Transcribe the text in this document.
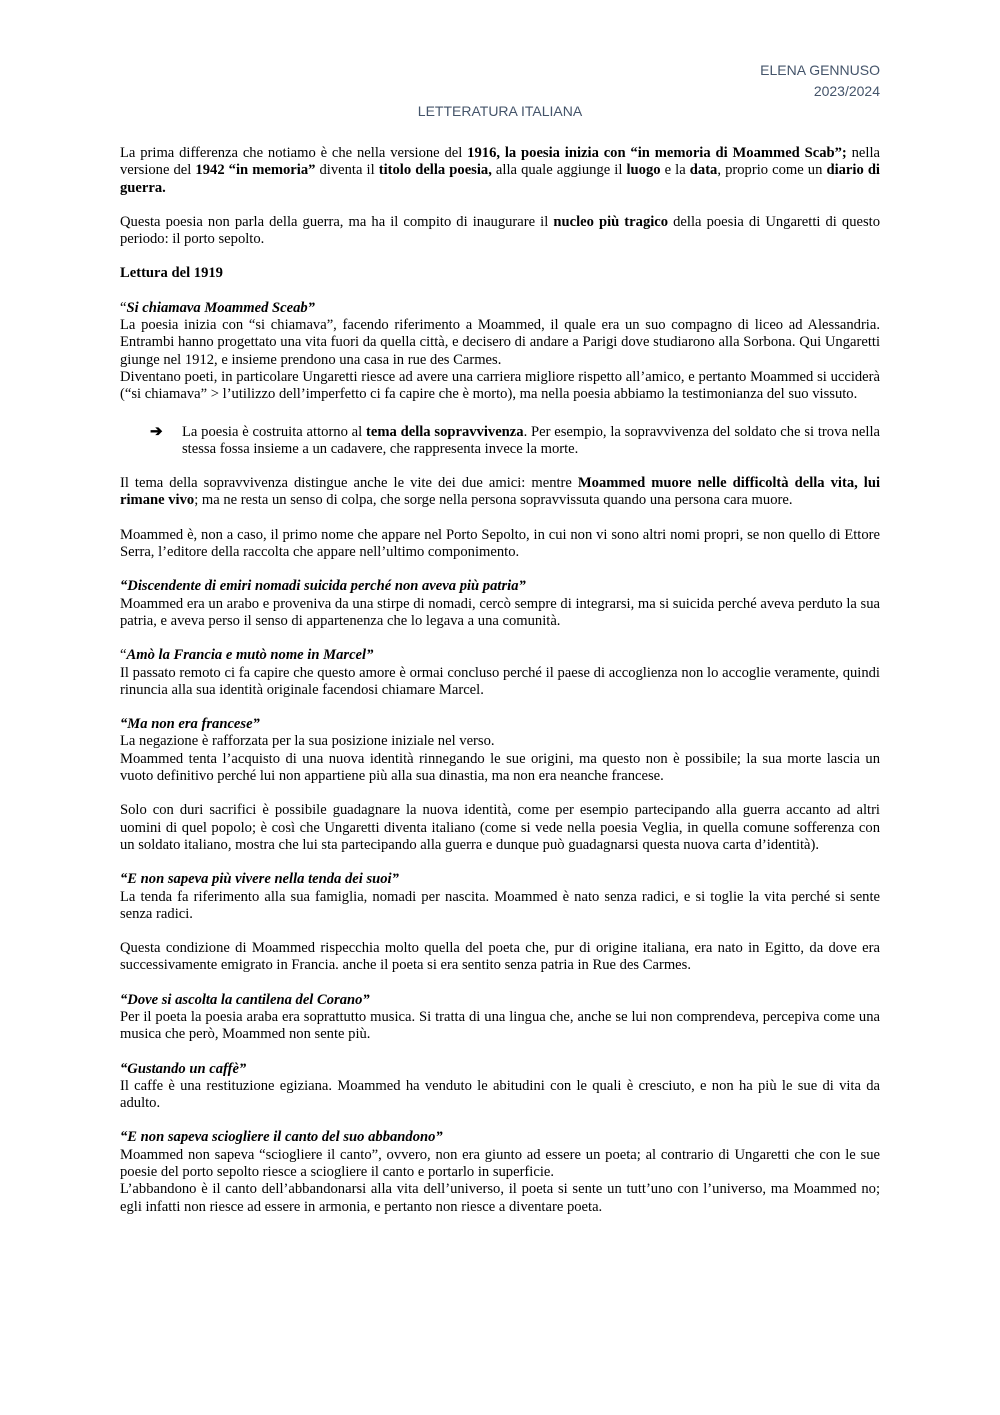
ELENA GENNUSO
2023/2024
LETTERATURA ITALIANA

La prima differenza che notiamo è che nella versione del 1916, la poesia inizia con “in memoria di Moammed Scab”; nella versione del 1942 “in memoria” diventa il titolo della poesia, alla quale aggiunge il luogo e la data, proprio come un diario di guerra.

Questa poesia non parla della guerra, ma ha il compito di inaugurare il nucleo più tragico della poesia di Ungaretti di questo periodo: il porto sepolto.

Lettura del 1919

“Si chiamava Moammed Sceab”

La poesia inizia con “si chiamava”, facendo riferimento a Moammed, il quale era un suo compagno di liceo ad Alessandria. Entrambi hanno progettato una vita fuori da quella città, e decisero di andare a Parigi dove studiarono alla Sorbona. Qui Ungaretti giunge nel 1912, e insieme prendono una casa in rue des Carmes.

Diventano poeti, in particolare Ungaretti riesce ad avere una carriera migliore rispetto all’amico, e pertanto Moammed si ucciderà (“si chiamava” > l’utilizzo dell’imperfetto ci fa capire che è morto), ma nella poesia abbiamo la testimonianza del suo vissuto.

➔	La poesia è costruita attorno al tema della sopravvivenza. Per esempio, la sopravvivenza del soldato che si trova nella stessa fossa insieme a un cadavere, che rappresenta invece la morte.

Il tema della sopravvivenza distingue anche le vite dei due amici: mentre Moammed muore nelle difficoltà della vita, lui rimane vivo; ma ne resta un senso di colpa, che sorge nella persona sopravvissuta quando una persona cara muore.

Moammed è, non a caso, il primo nome che appare nel Porto Sepolto, in cui non vi sono altri nomi propri, se non quello di Ettore Serra, l’editore della raccolta che appare nell’ultimo componimento.

“Discendente di emiri nomadi suicida perché non aveva più patria”

Moammed era un arabo e proveniva da una stirpe di nomadi, cercò sempre di integrarsi, ma si suicida perché aveva perduto la sua patria, e aveva perso il senso di appartenenza che lo legava a una comunità.

“Amò la Francia e mutò nome in Marcel”

Il passato remoto ci fa capire che questo amore è ormai concluso perché il paese di accoglienza non lo accoglie veramente, quindi rinuncia alla sua identità originale facendosi chiamare Marcel.

“Ma non era francese”

La negazione è rafforzata per la sua posizione iniziale nel verso.

Moammed tenta l’acquisto di una nuova identità rinnegando le sue origini, ma questo non è possibile; la sua morte lascia un vuoto definitivo perché lui non appartiene più alla sua dinastia, ma non era neanche francese.

Solo con duri sacrifici è possibile guadagnare la nuova identità, come per esempio partecipando alla guerra accanto ad altri uomini di quel popolo; è così che Ungaretti diventa italiano (come si vede nella poesia Veglia, in quella comune sofferenza con un soldato italiano, mostra che lui sta partecipando alla guerra e dunque può guadagnarsi questa nuova carta d’identità).

“E non sapeva più vivere nella tenda dei suoi”

La tenda fa riferimento alla sua famiglia, nomadi per nascita. Moammed è nato senza radici, e si toglie la vita perché si sente senza radici.

Questa condizione di Moammed rispecchia molto quella del poeta che, pur di origine italiana, era nato in Egitto, da dove era successivamente emigrato in Francia. anche il poeta si era sentito senza patria in Rue des Carmes.

“Dove si ascolta la cantilena del Corano”

Per il poeta la poesia araba era soprattutto musica. Si tratta di una lingua che, anche se lui non comprendeva, percepiva come una musica che però, Moammed non sente più.

“Gustando un caffè”

Il caffe è una restituzione egiziana. Moammed ha venduto le abitudini con le quali è cresciuto, e non ha più le sue di vita da adulto.

“E non sapeva sciogliere il canto del suo abbandono”

Moammed non sapeva “sciogliere il canto”, ovvero, non era giunto ad essere un poeta; al contrario di Ungaretti che con le sue poesie del porto sepolto riesce a sciogliere il canto e portarlo in superficie.

L’abbandono è il canto dell’abbandonarsi alla vita dell’universo, il poeta si sente un tutt’uno con l’universo, ma Moammed no; egli infatti non riesce ad essere in armonia, e pertanto non riesce a diventare poeta.
